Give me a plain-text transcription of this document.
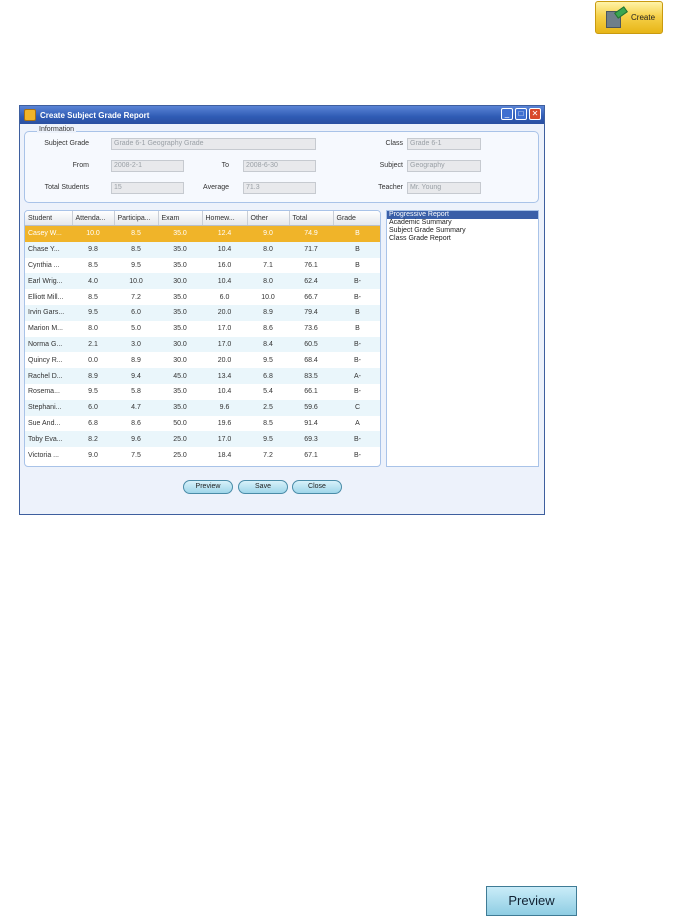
Create
Create Subject Grade Report	_	□	✕
Information
Subject Grade	Grade 6-1 Geography Grade	Class	Grade 6-1
From	2008-2-1	To	2008-6-30	Subject	Geography
Total Students	15	Average	71.3	Teacher	Mr. Young
Student	Attenda...	Participa...	Exam	Homew...	Other	Total	Grade
Casey W...	10.0	8.5	35.0	12.4	9.0	74.9	B
Chase Y...	9.8	8.5	35.0	10.4	8.0	71.7	B
Cynthia ...	8.5	9.5	35.0	16.0	7.1	76.1	B
Earl Wrig...	4.0	10.0	30.0	10.4	8.0	62.4	B-
Elliott Mill...	8.5	7.2	35.0	6.0	10.0	66.7	B-
Irvin Gars...	9.5	6.0	35.0	20.0	8.9	79.4	B
Marion M...	8.0	5.0	35.0	17.0	8.6	73.6	B
Norma G...	2.1	3.0	30.0	17.0	8.4	60.5	B-
Quincy R...	0.0	8.9	30.0	20.0	9.5	68.4	B-
Rachel D...	8.9	9.4	45.0	13.4	6.8	83.5	A-
Rosema...	9.5	5.8	35.0	10.4	5.4	66.1	B-
Stephani...	6.0	4.7	35.0	9.6	2.5	59.6	C
Sue And...	6.8	8.6	50.0	19.6	8.5	91.4	A
Toby Eva...	8.2	9.6	25.0	17.0	9.5	69.3	B-
Victoria ...	9.0	7.5	25.0	18.4	7.2	67.1	B-
Progressive Report
Academic Summary
Subject Grade Summary
Class Grade Report
Preview	Save	Close
Preview
